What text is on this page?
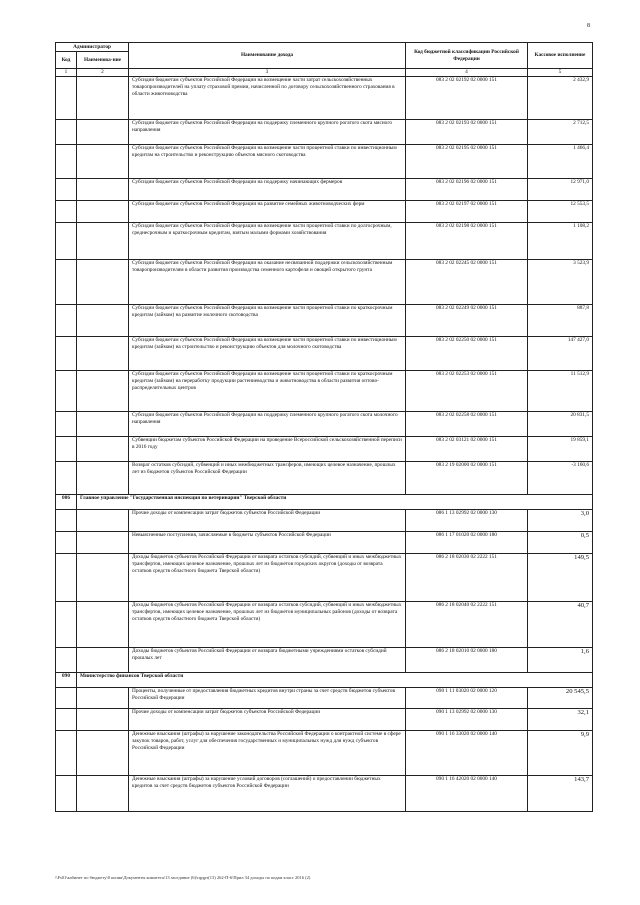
8
Администратор		Наименование дохода	Код бюджетной классификации Российской Федерации	Кассовое исполнение
Код	Наименова-ние			
1	2	3	4	5
		Субсидии бюджетам субъектов Российской Федерации на возмещение части затрат сельскохозяйственных товаропроизводителей на уплату страховой премии, начисленной по договору сельскохозяйственного страхования в области животноводства	083 2 02 02192 02 0000 151	2 432,9
		Субсидии бюджетам субъектов Российской Федерации на поддержку племенного крупного рогатого скота мясного направления	083 2 02 02193 02 0000 151	2 712,5
		Субсидии бюджетам субъектов Российской Федерации на возмещение части процентной ставки по инвестиционным кредитам на строительство и реконструкцию объектов мясного скотоводства	083 2 02 02195 02 0000 151	1 466,4
		Субсидии бюджетам субъектов Российской Федерации на поддержку начинающих фермеров	083 2 02 02196 02 0000 151	12 971,0
		Субсидии бюджетам субъектов Российской Федерации на развитие семейных животноводческих ферм	083 2 02 02197 02 0000 151	12 553,5
		Субсидии бюджетам субъектов Российской Федерации на возмещение части процентной ставки по долгосрочным, среднесрочным и краткосрочным кредитам, взятым малыми формами хозяйствования	083 2 02 02198 02 0000 151	1 108,2
		Субсидии бюджетам субъектов Российской Федерации на оказание несвязанной поддержки сельскохозяйственным товаропроизводителям в области развития производства семенного картофеля и овощей открытого грунта	083 2 02 02245 02 0000 151	3 523,9
		Субсидии бюджетам субъектов Российской Федерации на возмещение части процентной ставки по краткосрочным кредитам (займам) на развитие молочного скотоводства	083 2 02 02249 02 0000 151	887,8
		Субсидии бюджетам субъектов Российской Федерации на возмещение части процентной ставки по инвестиционным кредитам (займам) на строительство и реконструкцию объектов для молочного скотоводства	083 2 02 02250 02 0000 151	147 427,0
		Субсидии бюджетам субъектов Российской Федерации на возмещение части процентной ставки по краткосрочным кредитам (займам) на переработку продукции растениеводства и животноводства в области развития оптово-распределительных центров	083 2 02 02253 02 0000 151	11 512,9
		Субсидии бюджетам субъектов Российской Федерации на поддержку племенного крупного рогатого скота молочного направления	083 2 02 02258 02 0000 151	20 831,5
		Субвенции бюджетам субъектов Российской Федерации на проведение Всероссийской сельскохозяйственной переписи в 2016 году	083 2 02 03121 02 0000 151	19 859,1
		Возврат остатков субсидий, субвенций и иных межбюджетных трансферов, имеющих целевое назначение, прошлых лет из бюджетов субъектов Российской Федерации	083 2 19 02000 02 0000 151	-3 160,6
086	Главное управление "Государственная инспекция по ветеринарии" Тверской области			
		Прочие доходы от компенсации затрат бюджетов субъектов Российской Федерации	086 1 13 02992 02 0000 130	3,0
		Невыясненные поступления, зачисляемые в бюджеты субъектов Российской Федерации	086 1 17 01020 02 0000 180	0,5
		Доходы бюджетов субъектов Российской Федерации от возврата остатков субсидий, субвенций и иных межбюджетных трансфертов, имеющих целевое назначение, прошлых лет из бюджетов городских округов (доходы от возврата остатков средств областного бюджета Тверской области)	086 2 18 02030 02 2222 151	149,5
		Доходы бюджетов субъектов Российской Федерации от возврата остатков субсидий, субвенций и иных межбюджетных трансфертов, имеющих целевое назначение, прошлых лет из бюджетов муниципальных районов (доходы от возврата остатков средств областного бюджета Тверской области)	086 2 18 02040 02 2222 151	40,7
		Доходы бюджетов субъектов Российской Федерации от возврата бюджетными учреждениями остатков субсидий прошлых лет	086 2 18 02010 02 0000 180	1,6
090	Министерство финансов Тверской области			
		Проценты, полученные от предоставления бюджетных кредитов внутри страны за счет средств бюджетов субъектов Российской Федерации	090 1 11 03020 02 0000 120	20 545,5
		Прочие доходы от компенсации затрат бюджетов субъектов Российской Федерации	090 1 13 02992 02 0000 130	32,1
		Денежные взыскания (штрафы) за нарушение законодательства Российской Федерации о контрактной системе в сфере закупок товаров, работ, услуг для обеспечения государственных и муниципальных нужд для нужд субъектов Российской Федерации	090 1 16 33020 02 0000 140	9,9
		Денежные взыскания (штрафы) за нарушение условий договоров (соглашений) о предоставлении бюджетных кредитов за счет средств бюджетов субъектов Российской Федерации	090 1 16 42020 02 0000 140	143,7
\\Fs01\кабинет по бюджету\0 копия\Документы комитета\13 заседание (6)\прдрт(13) 262-П-6\Прил 34 доходы по кодам класс 2016 (2)
